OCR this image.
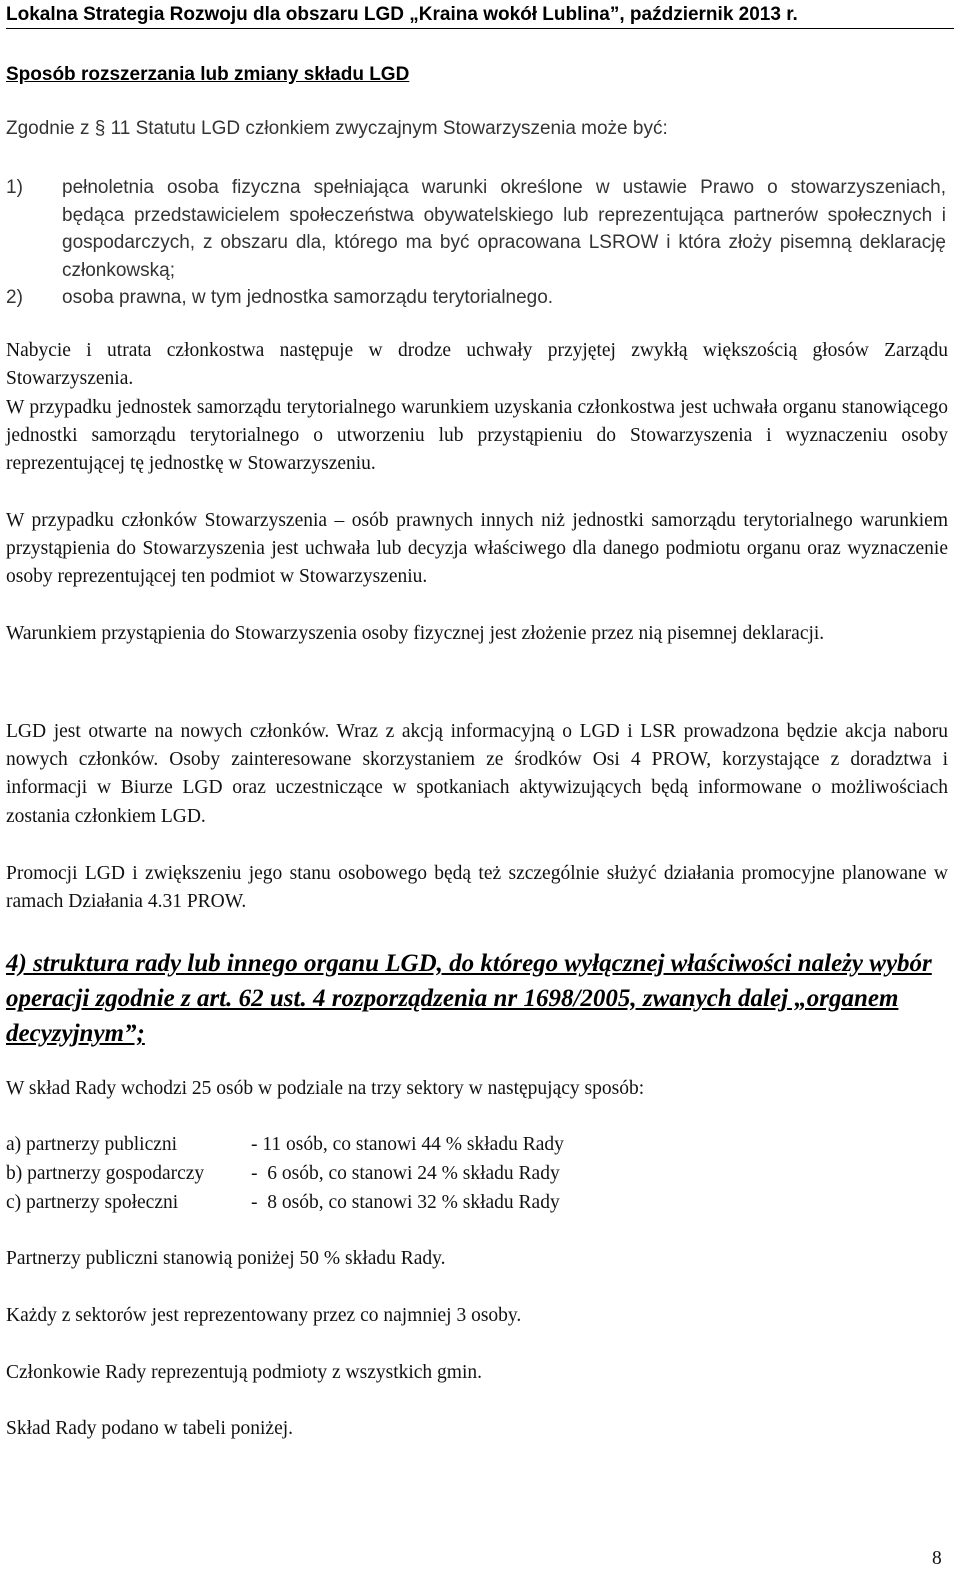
Lokalna Strategia Rozwoju dla obszaru LGD „Kraina wokół Lublina”, październik 2013 r.
Sposób rozszerzania lub zmiany składu LGD
Zgodnie z § 11 Statutu LGD członkiem zwyczajnym Stowarzyszenia może być:
1) pełnoletnia osoba fizyczna spełniająca warunki określone w ustawie Prawo o stowarzyszeniach, będąca przedstawicielem społeczeństwa obywatelskiego lub reprezentująca partnerów społecznych i gospodarczych, z obszaru dla, którego ma być opracowana LSROW i która złoży pisemną deklarację członkowską;
2) osoba prawna, w tym jednostka samorządu terytorialnego.
Nabycie i utrata członkostwa następuje w drodze uchwały przyjętej zwykłą większością głosów Zarządu Stowarzyszenia.
W przypadku jednostek samorządu terytorialnego warunkiem uzyskania członkostwa jest uchwała organu stanowiącego jednostki samorządu terytorialnego o utworzeniu lub przystąpieniu do Stowarzyszenia i wyznaczeniu osoby reprezentującej tę jednostkę w Stowarzyszeniu.
W przypadku członków Stowarzyszenia – osób prawnych innych niż jednostki samorządu terytorialnego warunkiem przystąpienia do Stowarzyszenia jest uchwała lub decyzja właściwego dla danego podmiotu organu oraz wyznaczenie osoby reprezentującej ten podmiot w Stowarzyszeniu.
Warunkiem przystąpienia do Stowarzyszenia osoby fizycznej jest złożenie przez nią pisemnej deklaracji.
LGD jest otwarte na nowych członków. Wraz z akcją informacyjną o LGD i LSR prowadzona będzie akcja naboru nowych członków. Osoby zainteresowane skorzystaniem ze środków Osi 4 PROW, korzystające z doradztwa i informacji w Biurze LGD oraz uczestniczące w spotkaniach aktywizujących będą informowane o możliwościach zostania członkiem LGD.
Promocji LGD i zwiększeniu jego stanu osobowego będą też szczególnie służyć działania promocyjne planowane w ramach Działania 4.31 PROW.
4) struktura rady lub innego organu LGD, do którego wyłącznej właściwości należy wybór operacji zgodnie z art. 62 ust. 4 rozporządzenia nr 1698/2005, zwanych dalej „organem decyzyjnym”;
W skład Rady wchodzi 25 osób w podziale na trzy sektory w następujący sposób:
a) partnerzy publiczni	- 11 osób, co stanowi 44 % składu Rady
b) partnerzy gospodarczy -  6 osób, co stanowi 24 % składu Rady
c) partnerzy społeczni	-  8 osób, co stanowi 32 % składu Rady
Partnerzy publiczni stanowią poniżej 50 % składu Rady.
Każdy z sektorów jest reprezentowany przez co najmniej 3 osoby.
Członkowie Rady reprezentują podmioty z wszystkich gmin.
Skład Rady podano w tabeli poniżej.
8
